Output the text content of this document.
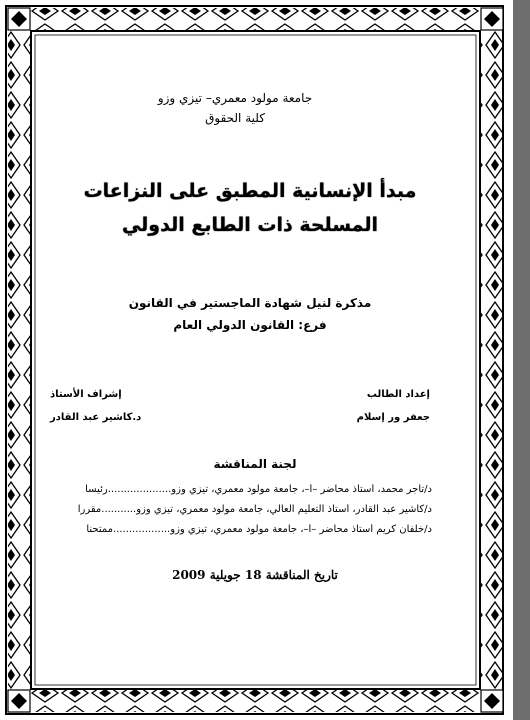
جامعة مولود معمري– تيزي وزو
كلية الحقوق
مبدأ الإنسانية المطبق على النزاعات
المسلحة ذات الطابع الدولي
مذكرة لنيل شهادة الماجستير في القانون
فرع: القانون الدولي العام
إعداد الطالب
جعفر ور إسلام
إشراف الأستاذ
د.كاشير عبد القادر
لجنة المناقشة
د/تاجر محمد، أستاذ محاضر –أ–، جامعة مولود معمري، تيزي وزو....................رئيسا
د/كاشير عبد القادر، أستاذ التعليم العالي، جامعة مولود معمري، تيزي وزو...........مقررا
د/خلفان كريم أستاذ محاضر –أ–، جامعة مولود معمري، تيزي وزو..................ممتحنا
تاريخ المناقشة 18 جويلية 2009
